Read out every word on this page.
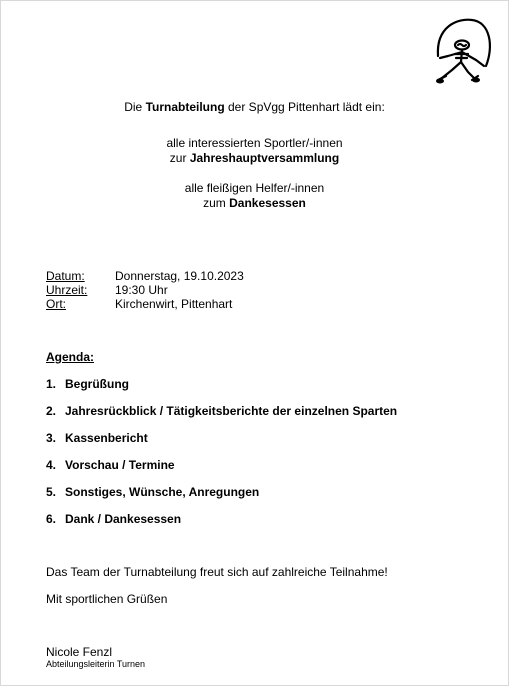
Die Turnabteilung der SpVgg Pittenhart lädt ein:
alle interessierten Sportler/-innen
zur Jahreshauptversammlung
alle fleißigen Helfer/-innen
zum Dankesessen
Datum:	Donnerstag, 19.10.2023
Uhrzeit:	19:30 Uhr
Ort:	Kirchenwirt, Pittenhart
Agenda:
1. Begrüßung
2. Jahresrückblick / Tätigkeitsberichte der einzelnen Sparten
3. Kassenbericht
4. Vorschau / Termine
5. Sonstiges, Wünsche, Anregungen
6. Dank / Dankesessen
Das Team der Turnabteilung freut sich auf zahlreiche Teilnahme!
Mit sportlichen Grüßen
Nicole Fenzl
Abteilungsleiterin Turnen
